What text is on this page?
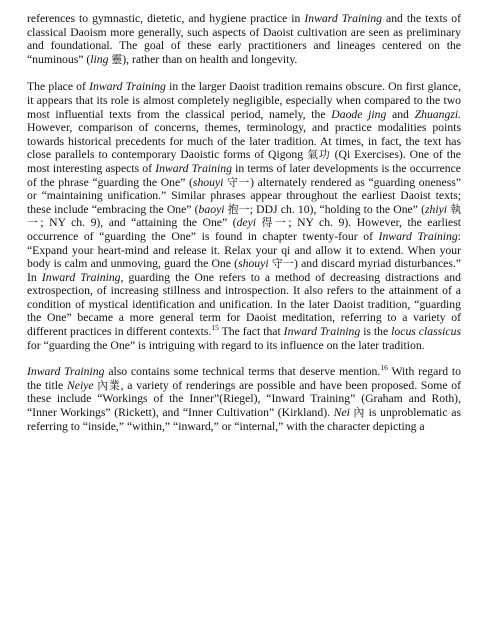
references to gymnastic, dietetic, and hygiene practice in Inward Training and the texts of classical Daoism more generally, such aspects of Daoist cultivation are seen as preliminary and foundational. The goal of these early practitioners and lineages centered on the “numinous” (ling 靈), rather than on health and longevity.

The place of Inward Training in the larger Daoist tradition remains obscure. On first glance, it appears that its role is almost completely negligible, especially when compared to the two most influential texts from the classical period, namely, the Daode jing and Zhuangzi. However, comparison of concerns, themes, terminology, and practice modalities points towards historical precedents for much of the later tradition. At times, in fact, the text has close parallels to contemporary Daoistic forms of Qigong 氣功 (Qi Exercises). One of the most interesting aspects of Inward Training in terms of later developments is the occurrence of the phrase “guarding the One” (shouyi 守一) alternately rendered as “guarding oneness” or “maintaining unification.” Similar phrases appear throughout the earliest Daoist texts; these include “embracing the One” (baoyi 抱一; DDJ ch. 10), “holding to the One” (zhiyi 執一; NY ch. 9), and “attaining the One” (deyi 得一; NY ch. 9). However, the earliest occurrence of “guarding the One” is found in chapter twenty-four of Inward Training: “Expand your heart-mind and release it. Relax your qi and allow it to extend. When your body is calm and unmoving, guard the One (shouyi 守一) and discard myriad disturbances.” In Inward Training, guarding the One refers to a method of decreasing distractions and extrospection, of increasing stillness and introspection. It also refers to the attainment of a condition of mystical identification and unification. In the later Daoist tradition, “guarding the One” became a more general term for Daoist meditation, referring to a variety of different practices in different contexts.$^{15}$ The fact that Inward Training is the locus classicus for “guarding the One” is intriguing with regard to its influence on the later tradition.

Inward Training also contains some technical terms that deserve mention.$^{16}$ With regard to the title Neiye 內業, a variety of renderings are possible and have been proposed. Some of these include “Workings of the Inner”(Riegel), “Inward Training” (Graham and Roth), “Inner Workings” (Rickett), and “Inner Cultivation” (Kirkland). Nei 內 is unproblematic as referring to “inside,” “within,” “inward,” or “internal,” with the character depicting a
